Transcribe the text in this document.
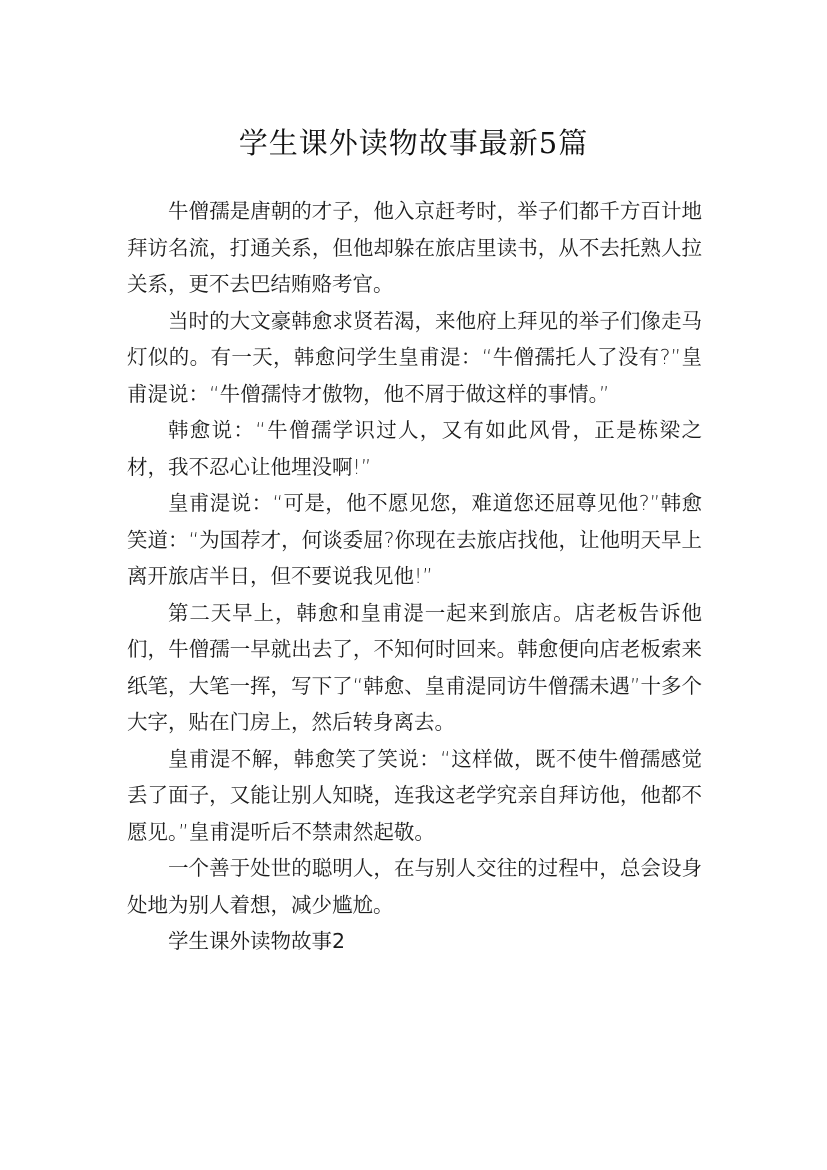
学生课外读物故事最新5篇

牛僧孺是唐朝的才子，他入京赶考时，举子们都千方百计地拜访名流，打通关系，但他却躲在旅店里读书，从不去托熟人拉关系，更不去巴结贿赂考官。

当时的大文豪韩愈求贤若渴，来他府上拜见的举子们像走马灯似的。有一天，韩愈问学生皇甫湜：“牛僧孺托人了没有?”皇甫湜说：“牛僧孺恃才傲物，他不屑于做这样的事情。”

韩愈说：“牛僧孺学识过人，又有如此风骨，正是栋梁之材，我不忍心让他埋没啊!”

皇甫湜说：“可是，他不愿见您，难道您还屈尊见他?”韩愈笑道：“为国荐才，何谈委屈?你现在去旅店找他，让他明天早上离开旅店半日，但不要说我见他!”

第二天早上，韩愈和皇甫湜一起来到旅店。店老板告诉他们，牛僧孺一早就出去了，不知何时回来。韩愈便向店老板索来纸笔，大笔一挥，写下了“韩愈、皇甫湜同访牛僧孺未遇”十多个大字，贴在门房上，然后转身离去。

皇甫湜不解，韩愈笑了笑说：“这样做，既不使牛僧孺感觉丢了面子，又能让别人知晓，连我这老学究亲自拜访他，他都不愿见。”皇甫湜听后不禁肃然起敬。

一个善于处世的聪明人，在与别人交往的过程中，总会设身处地为别人着想，减少尴尬。

学生课外读物故事2
